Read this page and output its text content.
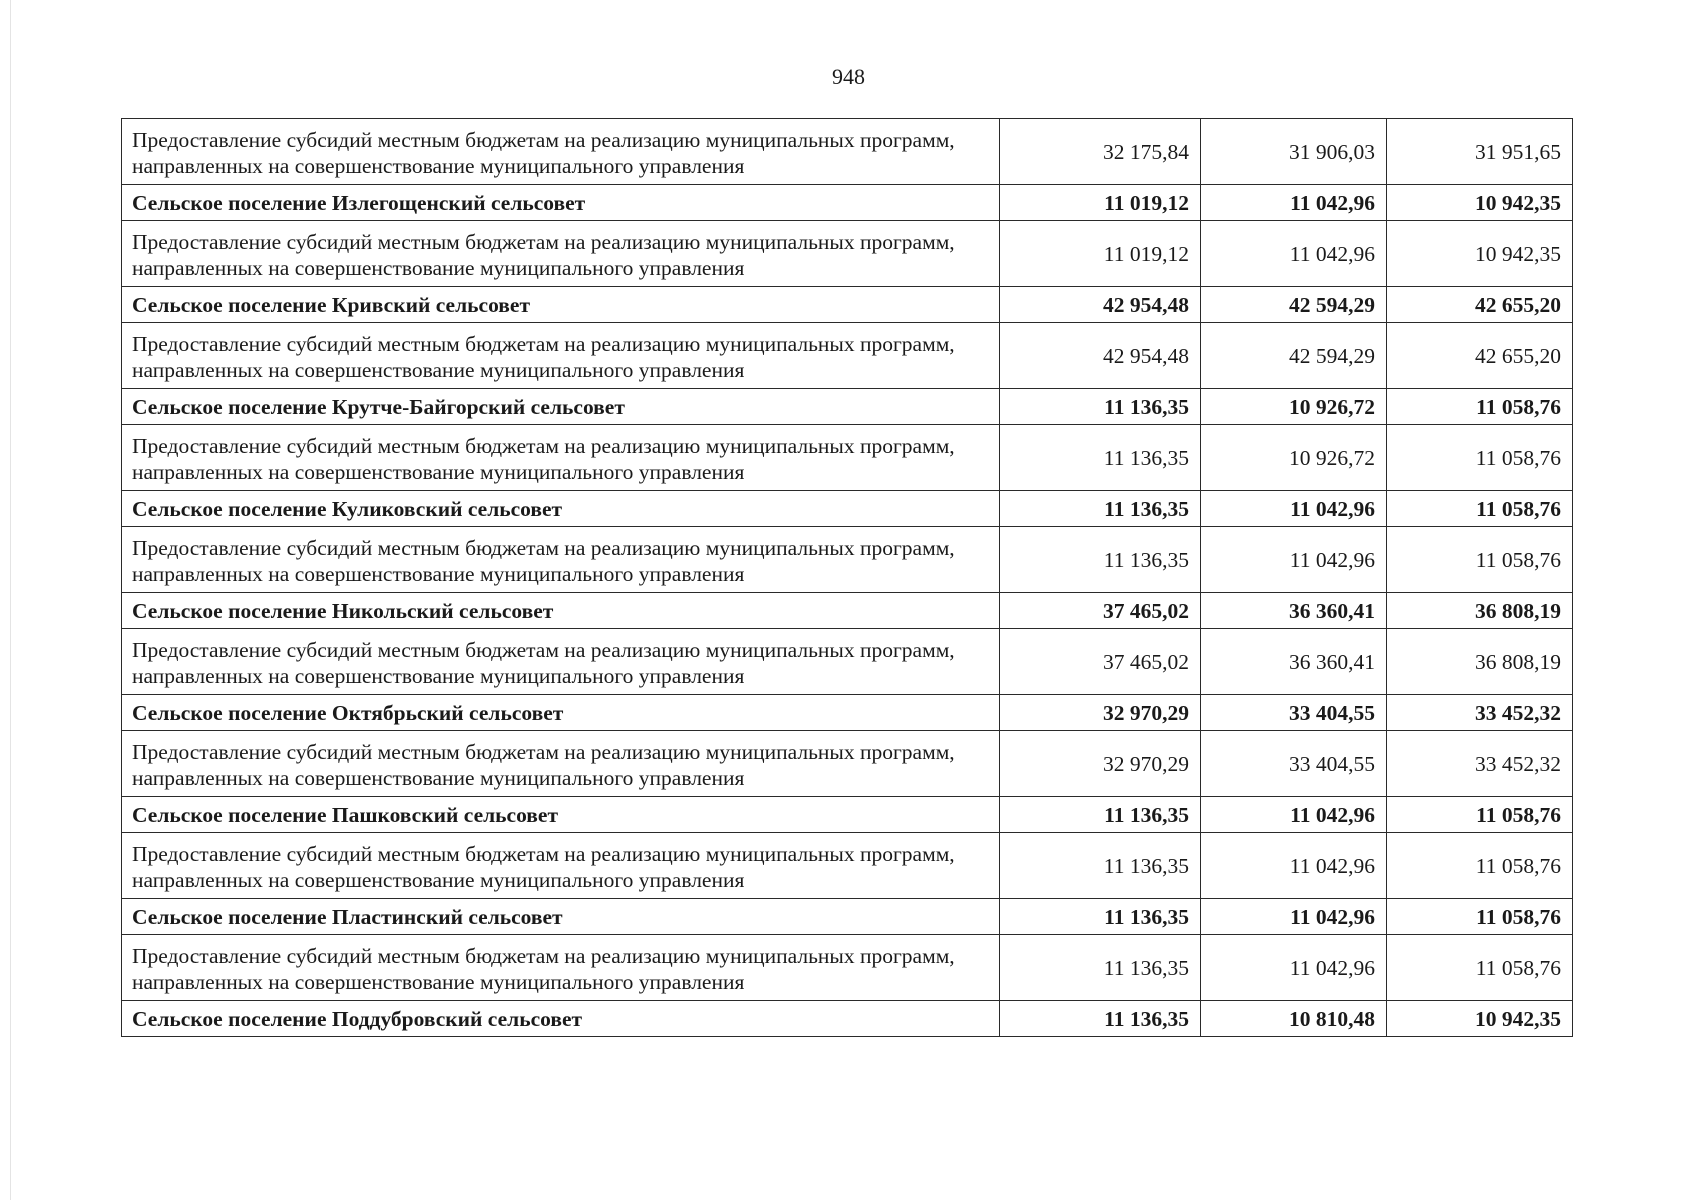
948
Предоставление субсидий местным бюджетам на реализацию муниципальных программ, направленных на совершенствование муниципального управления	32 175,84	31 906,03	31 951,65
Сельское поселение Излегощенский сельсовет	11 019,12	11 042,96	10 942,35
Предоставление субсидий местным бюджетам на реализацию муниципальных программ, направленных на совершенствование муниципального управления	11 019,12	11 042,96	10 942,35
Сельское поселение Кривский сельсовет	42 954,48	42 594,29	42 655,20
Предоставление субсидий местным бюджетам на реализацию муниципальных программ, направленных на совершенствование муниципального управления	42 954,48	42 594,29	42 655,20
Сельское поселение Крутче-Байгорский сельсовет	11 136,35	10 926,72	11 058,76
Предоставление субсидий местным бюджетам на реализацию муниципальных программ, направленных на совершенствование муниципального управления	11 136,35	10 926,72	11 058,76
Сельское поселение Куликовский сельсовет	11 136,35	11 042,96	11 058,76
Предоставление субсидий местным бюджетам на реализацию муниципальных программ, направленных на совершенствование муниципального управления	11 136,35	11 042,96	11 058,76
Сельское поселение Никольский сельсовет	37 465,02	36 360,41	36 808,19
Предоставление субсидий местным бюджетам на реализацию муниципальных программ, направленных на совершенствование муниципального управления	37 465,02	36 360,41	36 808,19
Сельское поселение Октябрьский сельсовет	32 970,29	33 404,55	33 452,32
Предоставление субсидий местным бюджетам на реализацию муниципальных программ, направленных на совершенствование муниципального управления	32 970,29	33 404,55	33 452,32
Сельское поселение Пашковский сельсовет	11 136,35	11 042,96	11 058,76
Предоставление субсидий местным бюджетам на реализацию муниципальных программ, направленных на совершенствование муниципального управления	11 136,35	11 042,96	11 058,76
Сельское поселение Пластинский сельсовет	11 136,35	11 042,96	11 058,76
Предоставление субсидий местным бюджетам на реализацию муниципальных программ, направленных на совершенствование муниципального управления	11 136,35	11 042,96	11 058,76
Сельское поселение Поддубровский сельсовет	11 136,35	10 810,48	10 942,35
